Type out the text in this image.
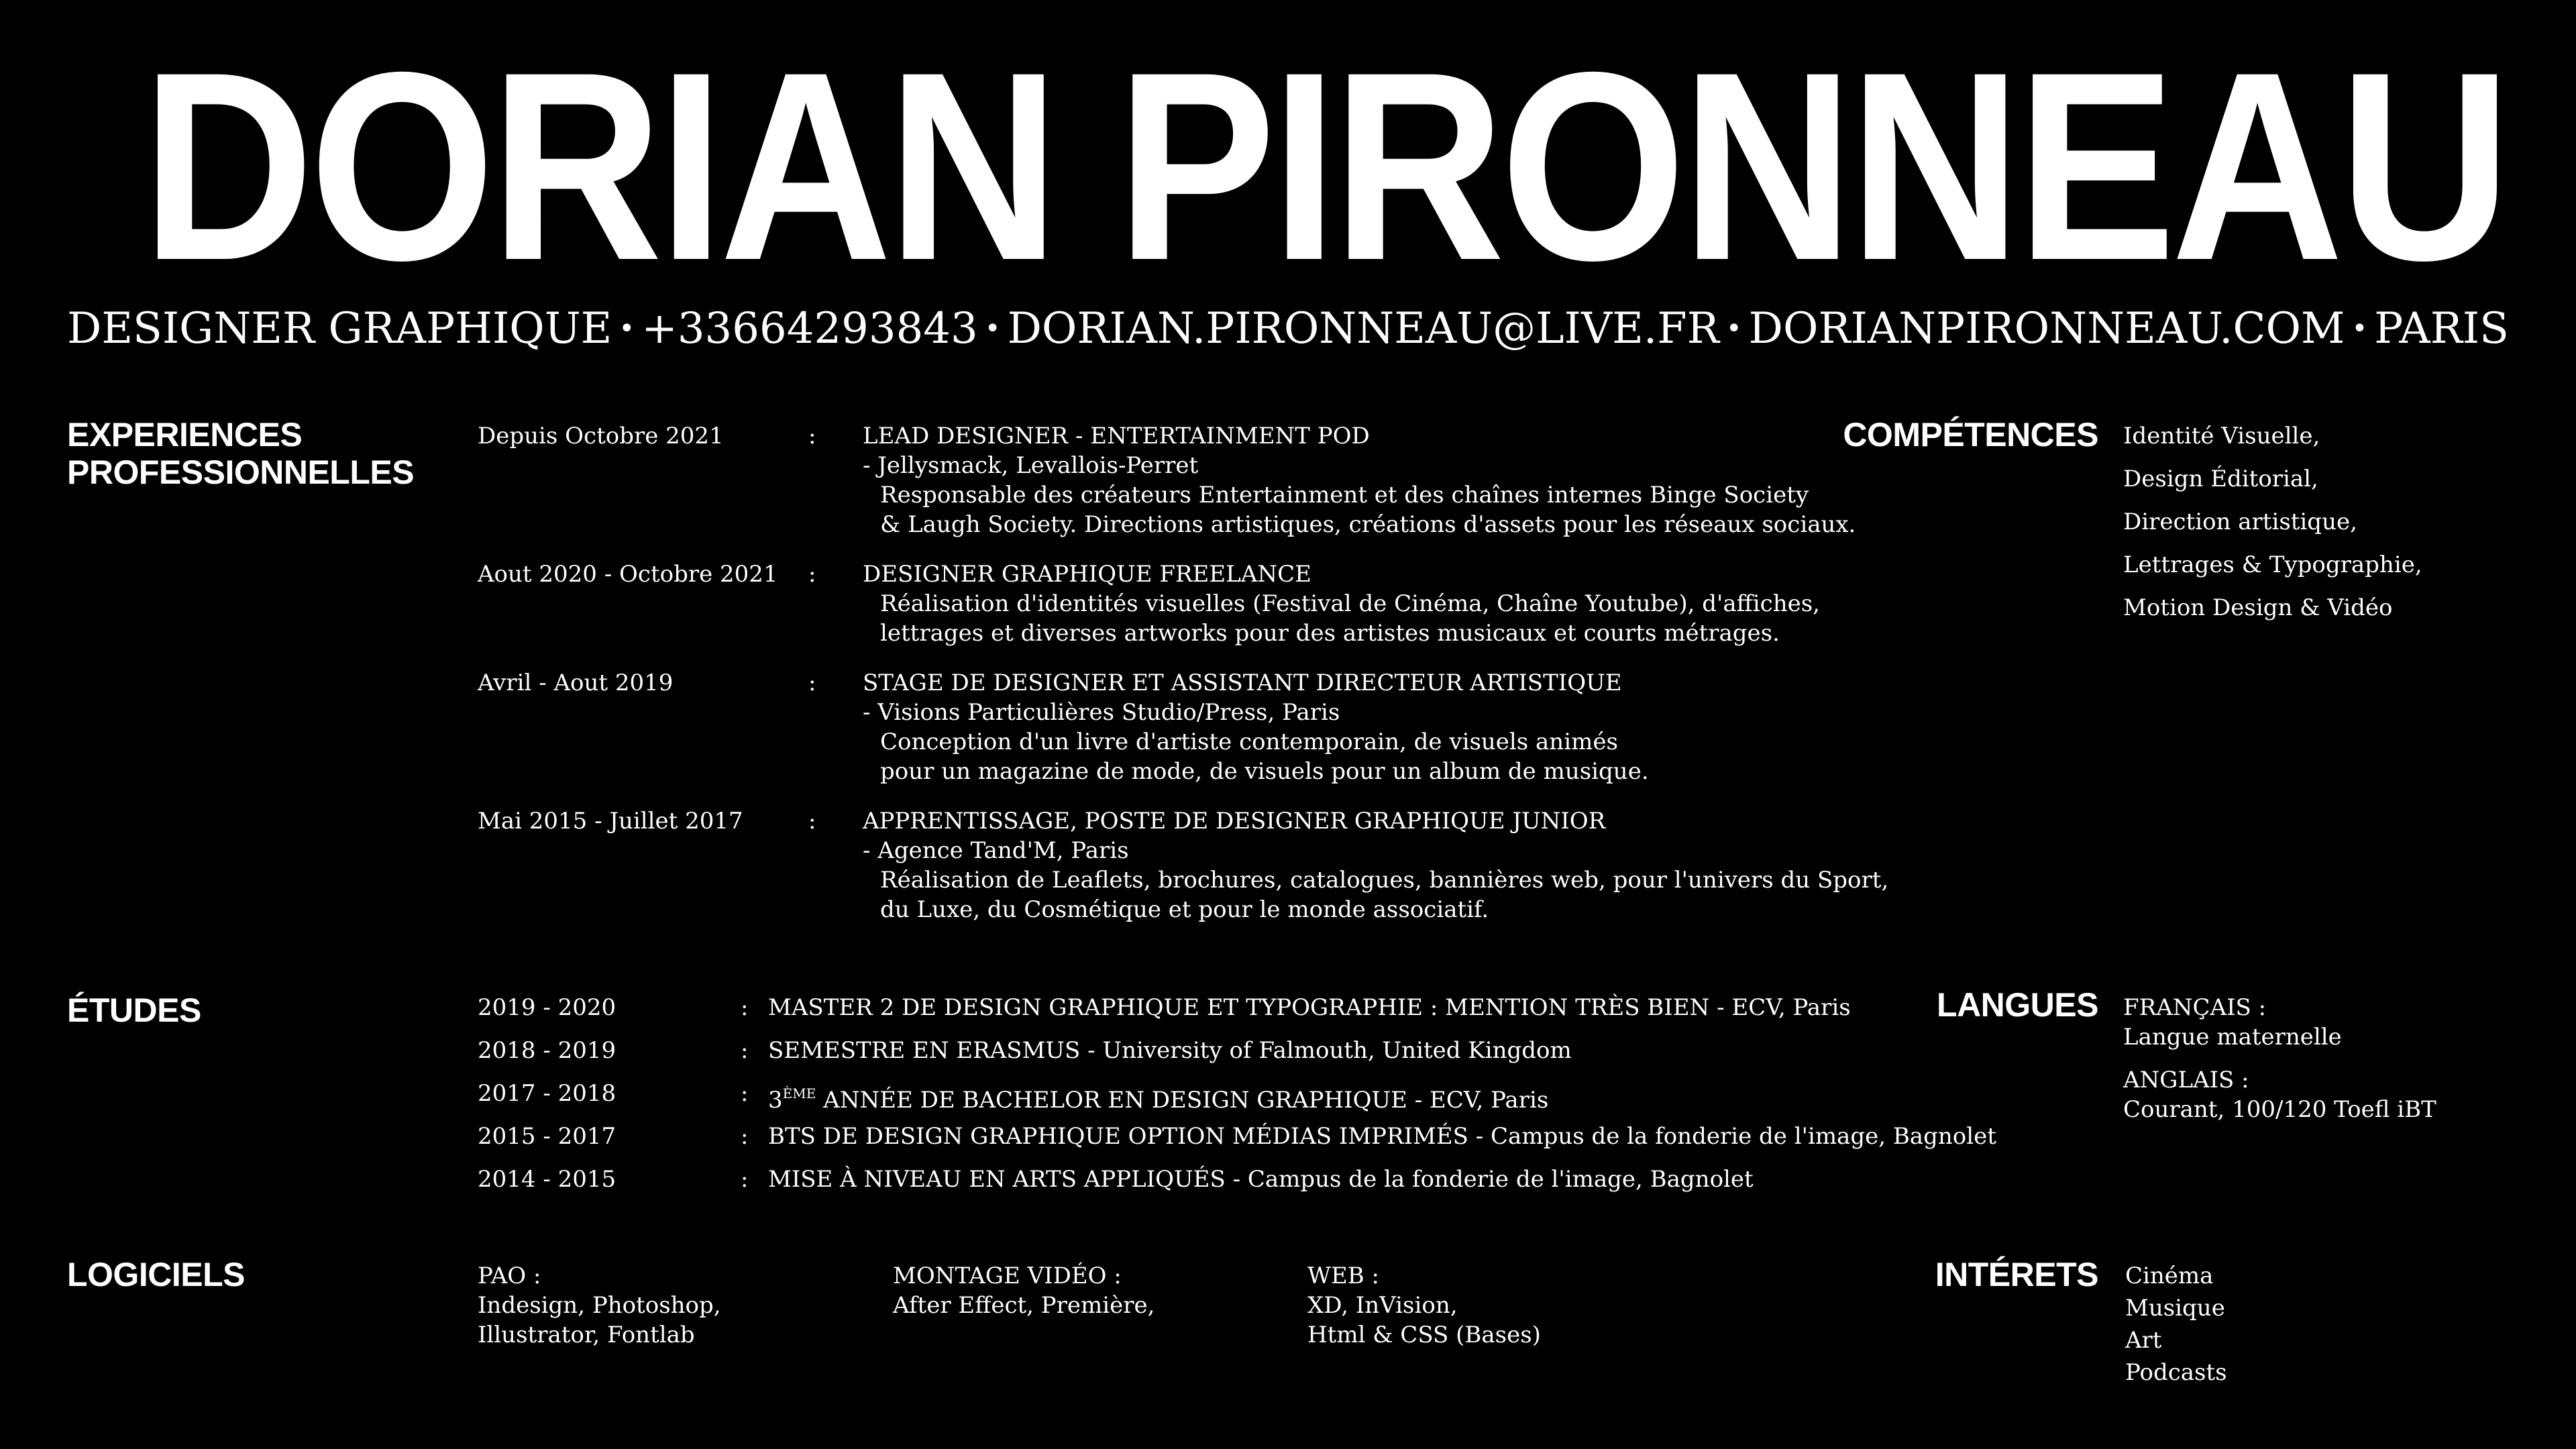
DORIAN PIRONNEAU
DESIGNER GRAPHIQUE • +33664293843 • DORIAN.PIRONNEAU@LIVE.FR • DORIANPIRONNEAU.COM • PARIS
EXPERIENCES
PROFESSIONNELLES
Depuis Octobre 2021	: LEAD DESIGNER - ENTERTAINMENT POD
- Jellysmack, Levallois-Perret
Responsable des créateurs Entertainment et des chaînes internes Binge Society
& Laugh Society. Directions artistiques, créations d'assets pour les réseaux sociaux.
Aout 2020 - Octobre 2021 : DESIGNER GRAPHIQUE FREELANCE
Réalisation d'identités visuelles (Festival de Cinéma, Chaîne Youtube), d'affiches,
lettrages et diverses artworks pour des artistes musicaux et courts métrages.
Avril - Aout 2019	: STAGE DE DESIGNER ET ASSISTANT DIRECTEUR ARTISTIQUE
- Visions Particulières Studio/Press, Paris
Conception d'un livre d'artiste contemporain, de visuels animés
pour un magazine de mode, de visuels pour un album de musique.
Mai 2015 - Juillet 2017	: APPRENTISSAGE, POSTE DE DESIGNER GRAPHIQUE JUNIOR
- Agence Tand'M, Paris
Réalisation de Leaflets, brochures, catalogues, bannières web, pour l'univers du Sport,
du Luxe, du Cosmétique et pour le monde associatif.
COMPÉTENCES Identité Visuelle,
Design Éditorial,
Direction artistique,
Lettrages & Typographie,
Motion Design & Vidéo
ÉTUDES	2019 - 2020	: MASTER 2 DE DESIGN GRAPHIQUE ET TYPOGRAPHIE : MENTION TRÈS BIEN - ECV, Paris
2018 - 2019	: SEMESTRE EN ERASMUS - University of Falmouth, United Kingdom
2017 - 2018	: 3ÈME ANNÉE DE BACHELOR EN DESIGN GRAPHIQUE - ECV, Paris
2015 - 2017	: BTS DE DESIGN GRAPHIQUE OPTION MÉDIAS IMPRIMÉS - Campus de la fonderie de l'image, Bagnolet
2014 - 2015	: MISE À NIVEAU EN ARTS APPLIQUÉS - Campus de la fonderie de l'image, Bagnolet
LANGUES FRANÇAIS :
Langue maternelle
ANGLAIS :
Courant, 100/120 Toefl iBT
LOGICIELS	PAO :
Indesign, Photoshop,
Illustrator, Fontlab
MONTAGE VIDÉO :
After Effect, Première,
WEB :
XD, InVision,
Html & CSS (Bases)
INTÉRETS Cinéma
Musique
Art
Podcasts
